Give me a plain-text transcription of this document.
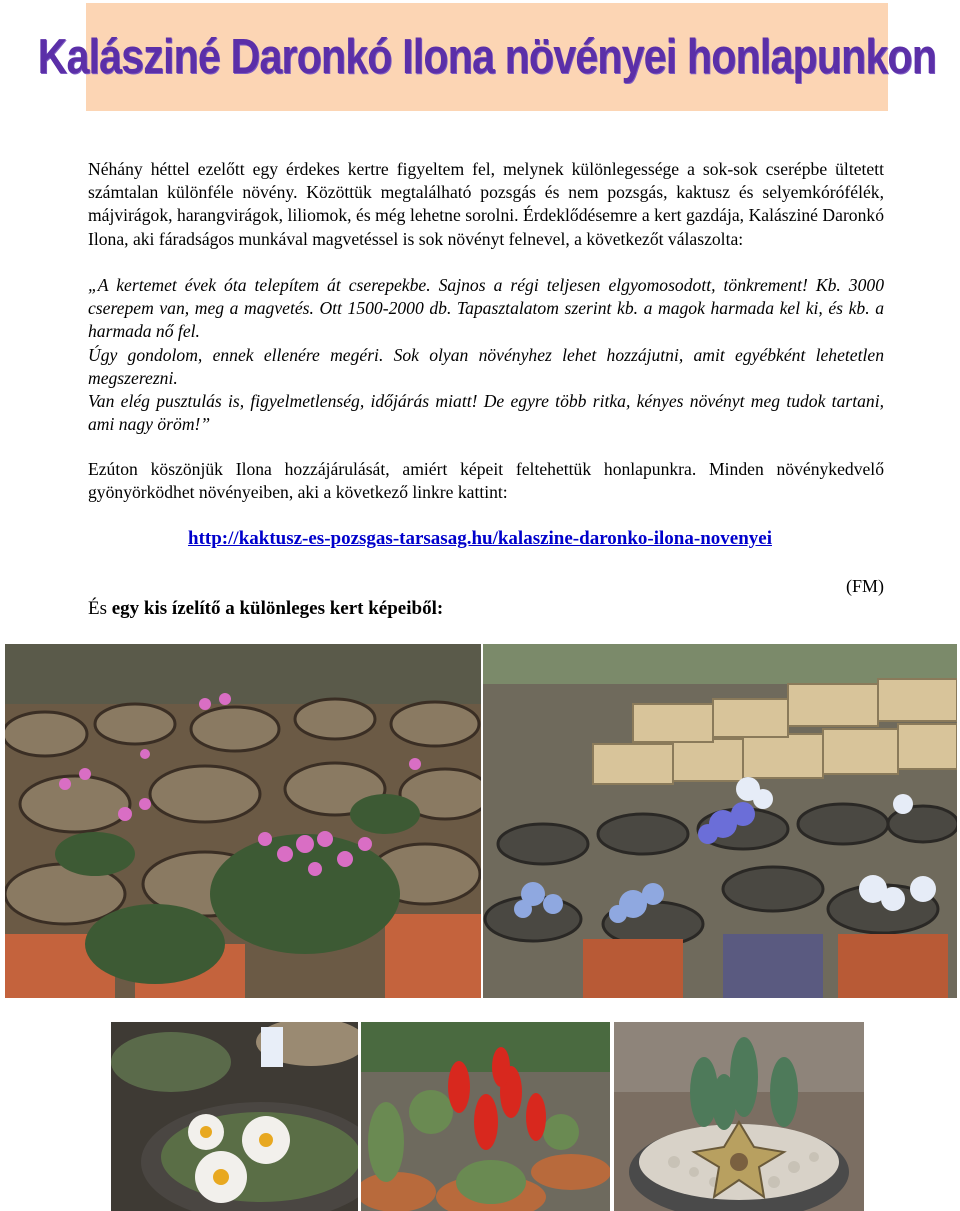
Kalásziné Daronkó Ilona növényei honlapunkon

Néhány héttel ezelőtt egy érdekes kertre figyeltem fel, melynek különlegessége a sok-sok cserépbe ültetett számtalan különféle növény. Közöttük megtalálható pozsgás és nem pozsgás, kaktusz és selyemkórófélék, májvirágok, harangvirágok, liliomok, és még lehetne sorolni. Érdeklődésemre a kert gazdája, Kalásziné Daronkó Ilona, aki fáradságos munkával magvetéssel is sok növényt felnevel, a következőt válaszolta:

„A kertemet évek óta telepítem át cserepekbe. Sajnos a régi teljesen elgyomosodott, tönkrement! Kb. 3000 cserepem van, meg a magvetés. Ott 1500-2000 db. Tapasztalatom szerint kb. a magok harmada kel ki, és kb. a harmada nő fel.

Úgy gondolom, ennek ellenére megéri. Sok olyan növényhez lehet hozzájutni, amit egyébként lehetetlen megszerezni.

Van elég pusztulás is, figyelmetlenség, időjárás miatt! De egyre több ritka, kényes növényt meg tudok tartani, ami nagy öröm!”

Ezúton köszönjük Ilona hozzájárulását, amiért képeit feltehettük honlapunkra. Minden növénykedvelő gyönyörködhet növényeiben, aki a következő linkre kattint:

http://kaktusz-es-pozsgas-tarsasag.hu/kalaszine-daronko-ilona-novenyei
(FM)
És egy kis ízelítő a különleges kert képeiből:
